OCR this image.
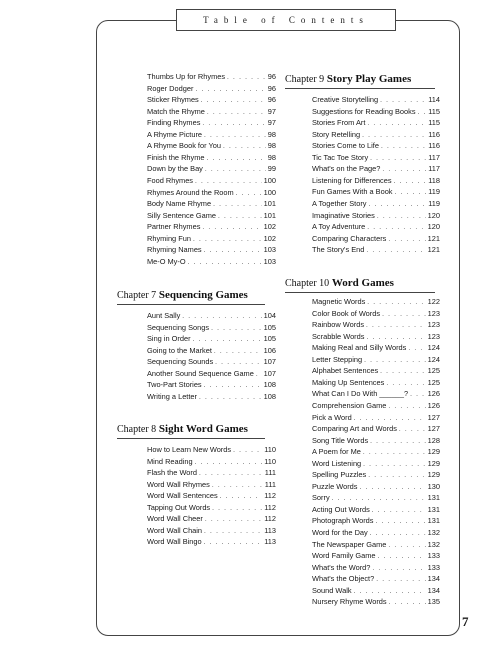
Table of Contents
Thumbs Up for Rhymes . . .	96
Roger Dodger . . .	96
Sticker Rhymes . . .	96
Match the Rhyme . . .	97
Finding Rhymes . . .	97
A Rhyme Picture . . .	98
A Rhyme Book for You . . .	98
Finish the Rhyme . . .	98
Down by the Bay . . .	99
Food Rhymes . . .	100
Rhymes Around the Room . . .	100
Body Name Rhyme . . .	101
Silly Sentence Game . . .	101
Partner Rhymes . . .	102
Rhyming Fun . . .	102
Rhyming Names . . .	103
Me-O My-O . . .	103
Chapter 7 Sequencing Games
Aunt Sally . . .	104
Sequencing Songs . . .	105
Sing in Order . . .	105
Going to the Market . . .	106
Sequencing Sounds . . .	107
Another Sound Sequence Game . . . 107
Two-Part Stories . . .	108
Writing a Letter . . .	108
Chapter 8 Sight Word Games
How to Learn New Words . . .	110
Mind Reading . . .	110
Flash the Word . . .	111
Word Wall Rhymes . . .	111
Word Wall Sentences . . .	112
Tapping Out Words . . .	112
Word Wall Cheer . . .	112
Word Wall Chain . . .	113
Word Wall Bingo . . .	113
Chapter 9 Story Play Games
Creative Storytelling . . .	114
Suggestions for Reading Books . . . 115
Stories From Art . . .	115
Story Retelling . . .	116
Stories Come to Life . . .	116
Tic Tac Toe Story . . .	117
What's on the Page? . . .	117
Listening for Differences . . .	118
Fun Games With a Book . . .	119
A Together Story . . .	119
Imaginative Stories . . .	120
A Toy Adventure . . .	120
Comparing Characters . . .	121
The Story's End . . .	121
Chapter 10 Word Games
Magnetic Words . . .	122
Color Book of Words . . .	123
Rainbow Words . . .	123
Scrabble Words . . .	123
Making Real and Silly Words . . .	124
Letter Stepping . . .	124
Alphabet Sentences . . .	125
Making Up Sentences . . .	125
What Can I Do With ______? . . .	126
Comprehension Game . . .	126
Pick a Word . . .	127
Comparing Art and Words . . .	127
Song Title Words . . .	128
A Poem for Me . . .	129
Word Listening . . .	129
Spelling Puzzles . . .	129
Puzzle Words . . .	130
Sorry . . .	131
Acting Out Words . . .	131
Photograph Words . . .	131
Word for the Day . . .	132
The Newspaper Game . . .	132
Word Family Game . . .	133
What's the Word? . . .	133
What's the Object? . . .	134
Sound Walk . . .	134
Nursery Rhyme Words . . .	135
7
